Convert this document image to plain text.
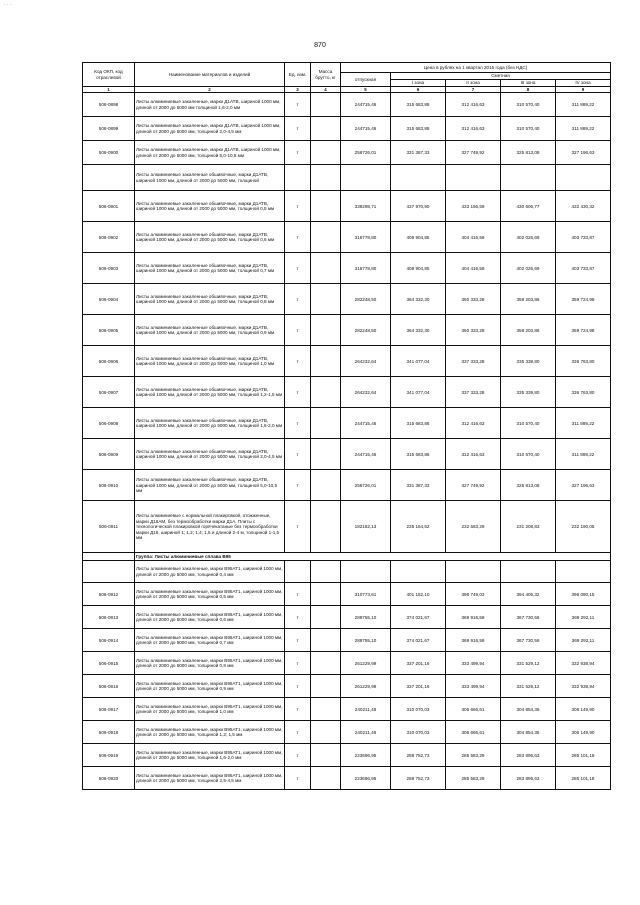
· · ·
870
Код ОКП, код отраслевой	Наименование материалов и изделий	Ед. изм.	Масса брутто, кг	Цена в рублях на 1 квартал 2015 года (без НДС)				
				отпускная	Сметная			
					I зона	II зона	III зона	IV зона
1	2	3	4	5	6	7	8	9
506-0898	Листы алюминиевые закаленные, марки Д1АТВ, шириной 1000 мм, длиной от 2000 до 5000 мм толщиной 1,6-2,0 мм	т		244715,46	315 683,86	312 416,63	310 570,40	311 889,22
506-0899	Листы алюминиевые закаленные, марки Д1АТВ, шириной 1000 мм, длиной от 2000 до 5000 мм, толщиной 2,0-4,5 мм	т		244715,46	315 683,86	312 416,63	310 570,40	311 889,22
506-0900	Листы алюминиевые закаленные, марки Д1АТВ, шириной 1000 мм, длиной от 2000 до 5000 мм, толщиной 5,0-10,5 мм	т		256726,01	331 387,33	327 749,92	325 813,08	327 196,63
	Листы алюминиевые закаленные обшивочные, марки Д1АТВ, шириной 1000 мм, длиной от 2000 до 5000 мм, толщиной							
506-0901	Листы алюминиевые закаленные обшивочные, марки Д1АТВ, шириной 1000 мм, длиной от 2000 до 5000 мм, толщиной 0,5 мм	т		339298,71	437 970,90	433 156,59	430 606,77	432 430,32
506-0902	Листы алюминиевые закаленные обшивочные, марки Д1АТВ, шириной 1000 мм, длиной от 2000 до 5000 мм, толщиной 0,6 мм	т		316778,80	408 904,85	404 416,59	402 026,69	403 733,87
506-0903	Листы алюминиевые закаленные обшивочные, марки Д1АТВ, шириной 1000 мм, длиной от 2000 до 5000 мм, толщиной 0,7 мм	т		316778,80	408 904,85	404 416,59	402 026,69	403 733,87
506-0904	Листы алюминиевые закаленные обшивочные, марки Д1АТВ, шириной 1000 мм, длиной от 2000 до 5000 мм, толщиной 0,8 мм	т		282248,50	364 332,30	360 333,28	358 203,86	359 724,98
506-0905	Листы алюминиевые закаленные обшивочные, марки Д1АТВ, шириной 1000 мм, длиной от 2000 до 5000 мм, толщиной 0,9 мм	т		282248,50	364 332,30	360 333,28	358 203,86	359 724,98
506-0906	Листы алюминиевые закаленные обшивочные, марки Д1АТВ, шириной 1000 мм, длиной от 2000 до 5000 мм, толщиной 1,0 мм	т		264232,64	341 077,04	337 333,28	335 339,80	336 763,80
506-0907	Листы алюминиевые закаленные обшивочные, марки Д1АТВ, шириной 1000 мм, длиной от 2000 до 5000 мм, толщиной 1,2-1,5 мм	т		264232,64	341 077,04	337 333,28	335 339,80	336 763,80
506-0908	Листы алюминиевые закаленные обшивочные, марки Д1АТВ, шириной 1000 мм, длиной от 2000 до 5000 мм, толщиной 1,6-2,0 мм	т		244715,46	315 683,86	312 416,63	310 570,40	311 889,22
506-0909	Листы алюминиевые закаленные обшивочные, марки Д1АТВ, шириной 1000 мм, длиной от 2000 до 5000 мм, толщиной 2,0-4,5 мм	т		244715,46	315 683,86	312 416,63	310 570,40	311 889,22
506-0910	Листы алюминиевые закаленные обшивочные, марки Д1АТВ, шириной 1000 мм, длиной от 2000 до 5000 мм, толщиной 5,0-10,5 мм	т		256726,01	331 387,33	327 749,92	325 813,08	327 196,63
506-0911	Листы алюминиевые с нормальной плакировкой, отожженные, марки Д16АМ, без термообработки марки Д1А. Плиты с технологической плакировкой горячекатаные без термообработки марки Д16, шириной 1; 1,2; 1,4; 1,5 и длиной 2-4 м, толщиной 1-1,5 мм	т		182182,13	235 164,52	232 583,29	231 208,83	232 190,05
	Группа: Листы алюминиевые сплава В95							
	Листы алюминиевые закаленные, марки В95АТ1, шириной 1000 мм, длиной от 2000 до 5000 мм, толщиной 0,4 мм							
506-0912	Листы алюминиевые закаленные, марки В95АТ1, шириной 1000 мм, длиной от 2000 до 5000 мм, толщиной 0,5 мм	т		310773,61	401 152,10	396 749,03	394 405,32	396 080,15
506-0913	Листы алюминиевые закаленные, марки В95АТ1, шириной 1000 мм, длиной от 2000 до 5000 мм, толщиной 0,6 мм	т		289755,10	374 021,67	369 916,59	367 730,56	369 292,11
506-0914	Листы алюминиевые закаленные, марки В95АТ1, шириной 1000 мм, длиной от 2000 до 5000 мм, толщиной 0,7 мм	т		289755,10	374 021,67	369 916,59	367 730,56	369 292,11
506-0915	Листы алюминиевые закаленные, марки В95АТ1, шириной 1000 мм, длиной от 2000 до 5000 мм, толщиной 0,8 мм	т		261229,99	337 201,16	333 499,94	331 529,12	332 938,94
506-0916	Листы алюминиевые закаленные, марки В95АТ1, шириной 1000 мм, длиной от 2000 до 5000 мм, толщиной 0,9 мм	т		261229,99	337 201,16	333 499,94	331 529,12	332 938,94
506-0917	Листы алюминиевые закаленные, марки В95АТ1, шириной 1000 мм, длиной от 2000 до 5000 мм, толщиной 1,0 мм	т		240211,48	310 070,03	306 666,61	304 854,35	306 149,90
506-0918	Листы алюминиевые закаленные, марки В95АТ1, шириной 1000 мм, длиной от 2000 до 5000 мм, толщиной 1,2; 1,5 мм	т		240211,48	310 070,03	306 666,61	304 854,35	306 149,90
506-0919	Листы алюминиевые закаленные, марки В95АТ1, шириной 1000 мм, длиной от 2000 до 5000 мм, толщиной 1,6-2,0 мм	т		223696,95	288 752,73	285 583,29	283 895,63	285 101,18
506-0920	Листы алюминиевые закаленные, марки В95АТ1, шириной 1000 мм, длиной от 2000 до 5000 мм, толщиной 2,5-4,5 мм	т		223696,95	288 752,73	285 583,29	283 895,63	285 101,18
